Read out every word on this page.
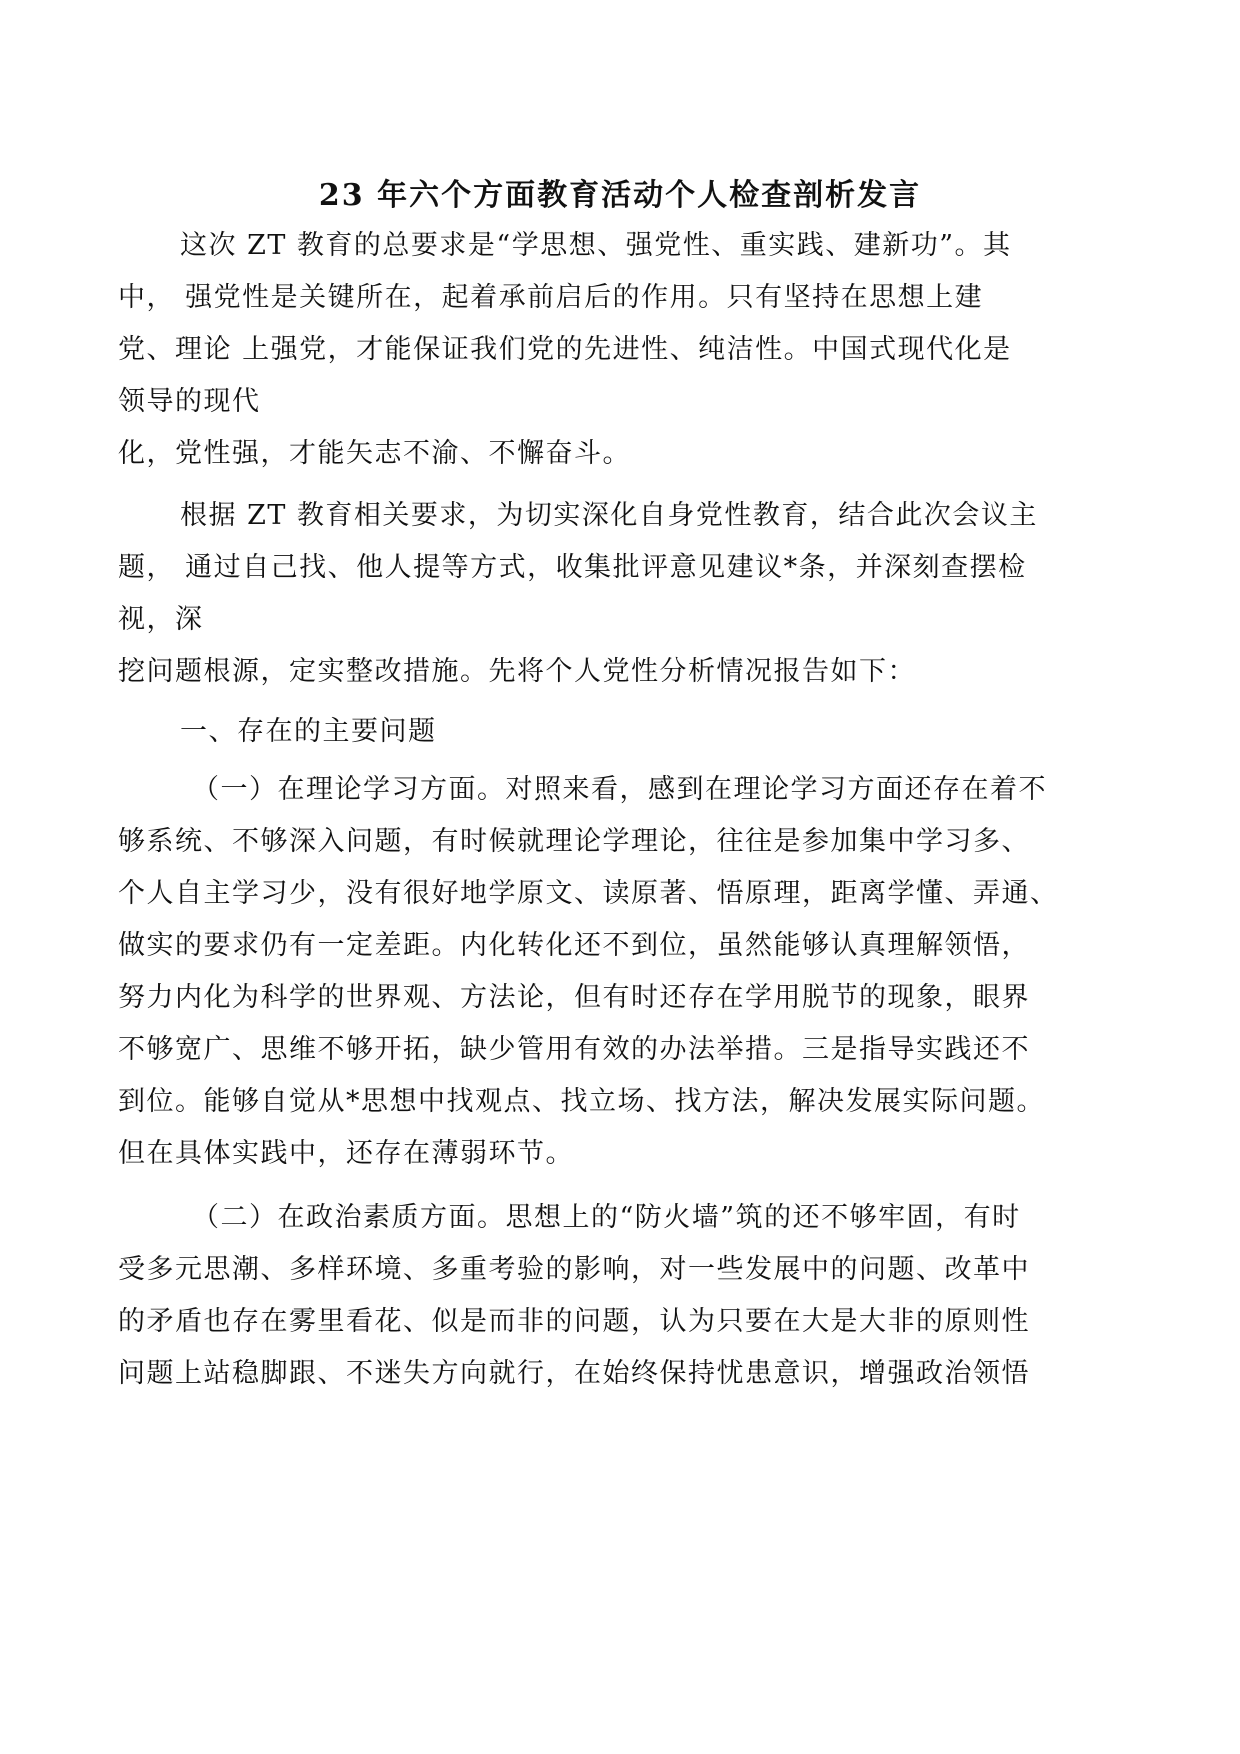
23 年六个方面教育活动个人检查剖析发言

这次 ZT 教育的总要求是“学思想、强党性、重实践、建新功”。其

中， 强党性是关键所在，起着承前启后的作用。只有坚持在思想上建

党、理论 上强党，才能保证我们党的先进性、纯洁性。中国式现代化是

领导的现代

化，党性强，才能矢志不渝、不懈奋斗。

根据 ZT 教育相关要求，为切实深化自身党性教育，结合此次会议主

题， 通过自己找、他人提等方式，收集批评意见建议*条，并深刻查摆检

视，深

挖问题根源，定实整改措施。先将个人党性分析情况报告如下：

一、存在的主要问题

（一）在理论学习方面。对照来看，感到在理论学习方面还存在着不

够系统、不够深入问题，有时候就理论学理论，往往是参加集中学习多、

个人自主学习少，没有很好地学原文、读原著、悟原理，距离学懂、弄通、

做实的要求仍有一定差距。内化转化还不到位，虽然能够认真理解领悟，

努力内化为科学的世界观、方法论，但有时还存在学用脱节的现象，眼界

不够宽广、思维不够开拓，缺少管用有效的办法举措。三是指导实践还不

到位。能够自觉从*思想中找观点、找立场、找方法，解决发展实际问题。

但在具体实践中，还存在薄弱环节。

（二）在政治素质方面。思想上的“防火墙”筑的还不够牢固，有时

受多元思潮、多样环境、多重考验的影响，对一些发展中的问题、改革中

的矛盾也存在雾里看花、似是而非的问题，认为只要在大是大非的原则性

问题上站稳脚跟、不迷失方向就行，在始终保持忧患意识，增强政治领悟
